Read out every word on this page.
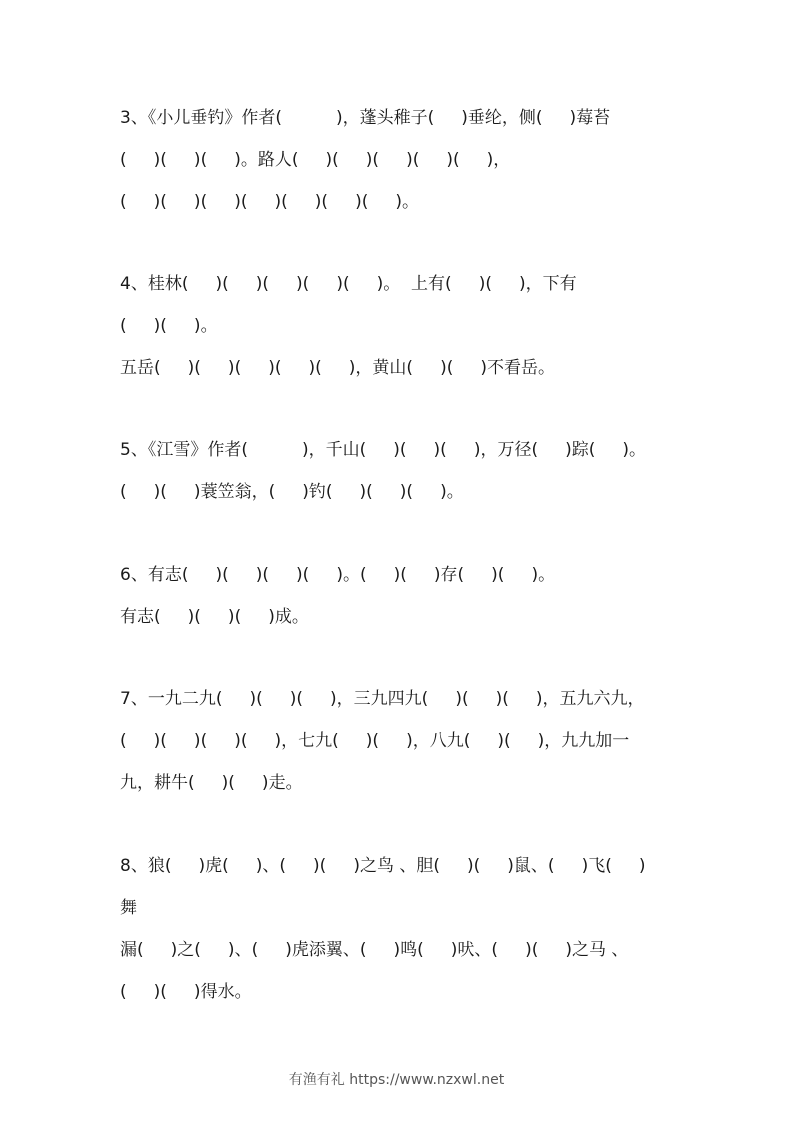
3、《小儿垂钓》作者(          )，蓬头稚子(     )垂纶，侧(     )莓苔
(     )(     )(     )。路人(     )(     )(     )(     )(     )，
(     )(     )(     )(     )(     )(     )(     )。
4、桂林(     )(     )(     )(     )(     )。  上有(     )(     )，下有
(     )(     )。
五岳(     )(     )(     )(     )(     )，黄山(     )(     )不看岳。
5、《江雪》作者(          )，千山(     )(     )(     )，万径(     )踪(     )。
(     )(     )蓑笠翁，(     )钓(     )(     )(     )。
6、有志(     )(     )(     )(     )。(     )(     )存(     )(     )。
有志(     )(     )(     )成。
7、一九二九(     )(     )(     )，三九四九(     )(     )(     )，五九六九，
(     )(     )(     )(     )，七九(     )(     )，八九(     )(     )，九九加一
九，耕牛(     )(     )走。
8、狼(     )虎(     )、(     )(     )之鸟 、胆(     )(     )鼠、(     )飞(     )
舞
漏(     )之(     )、(     )虎添翼、(     )鸣(     )吠、(     )(     )之马 、
(     )(     )得水。
有渔有礼 https://www.nzxwl.net
